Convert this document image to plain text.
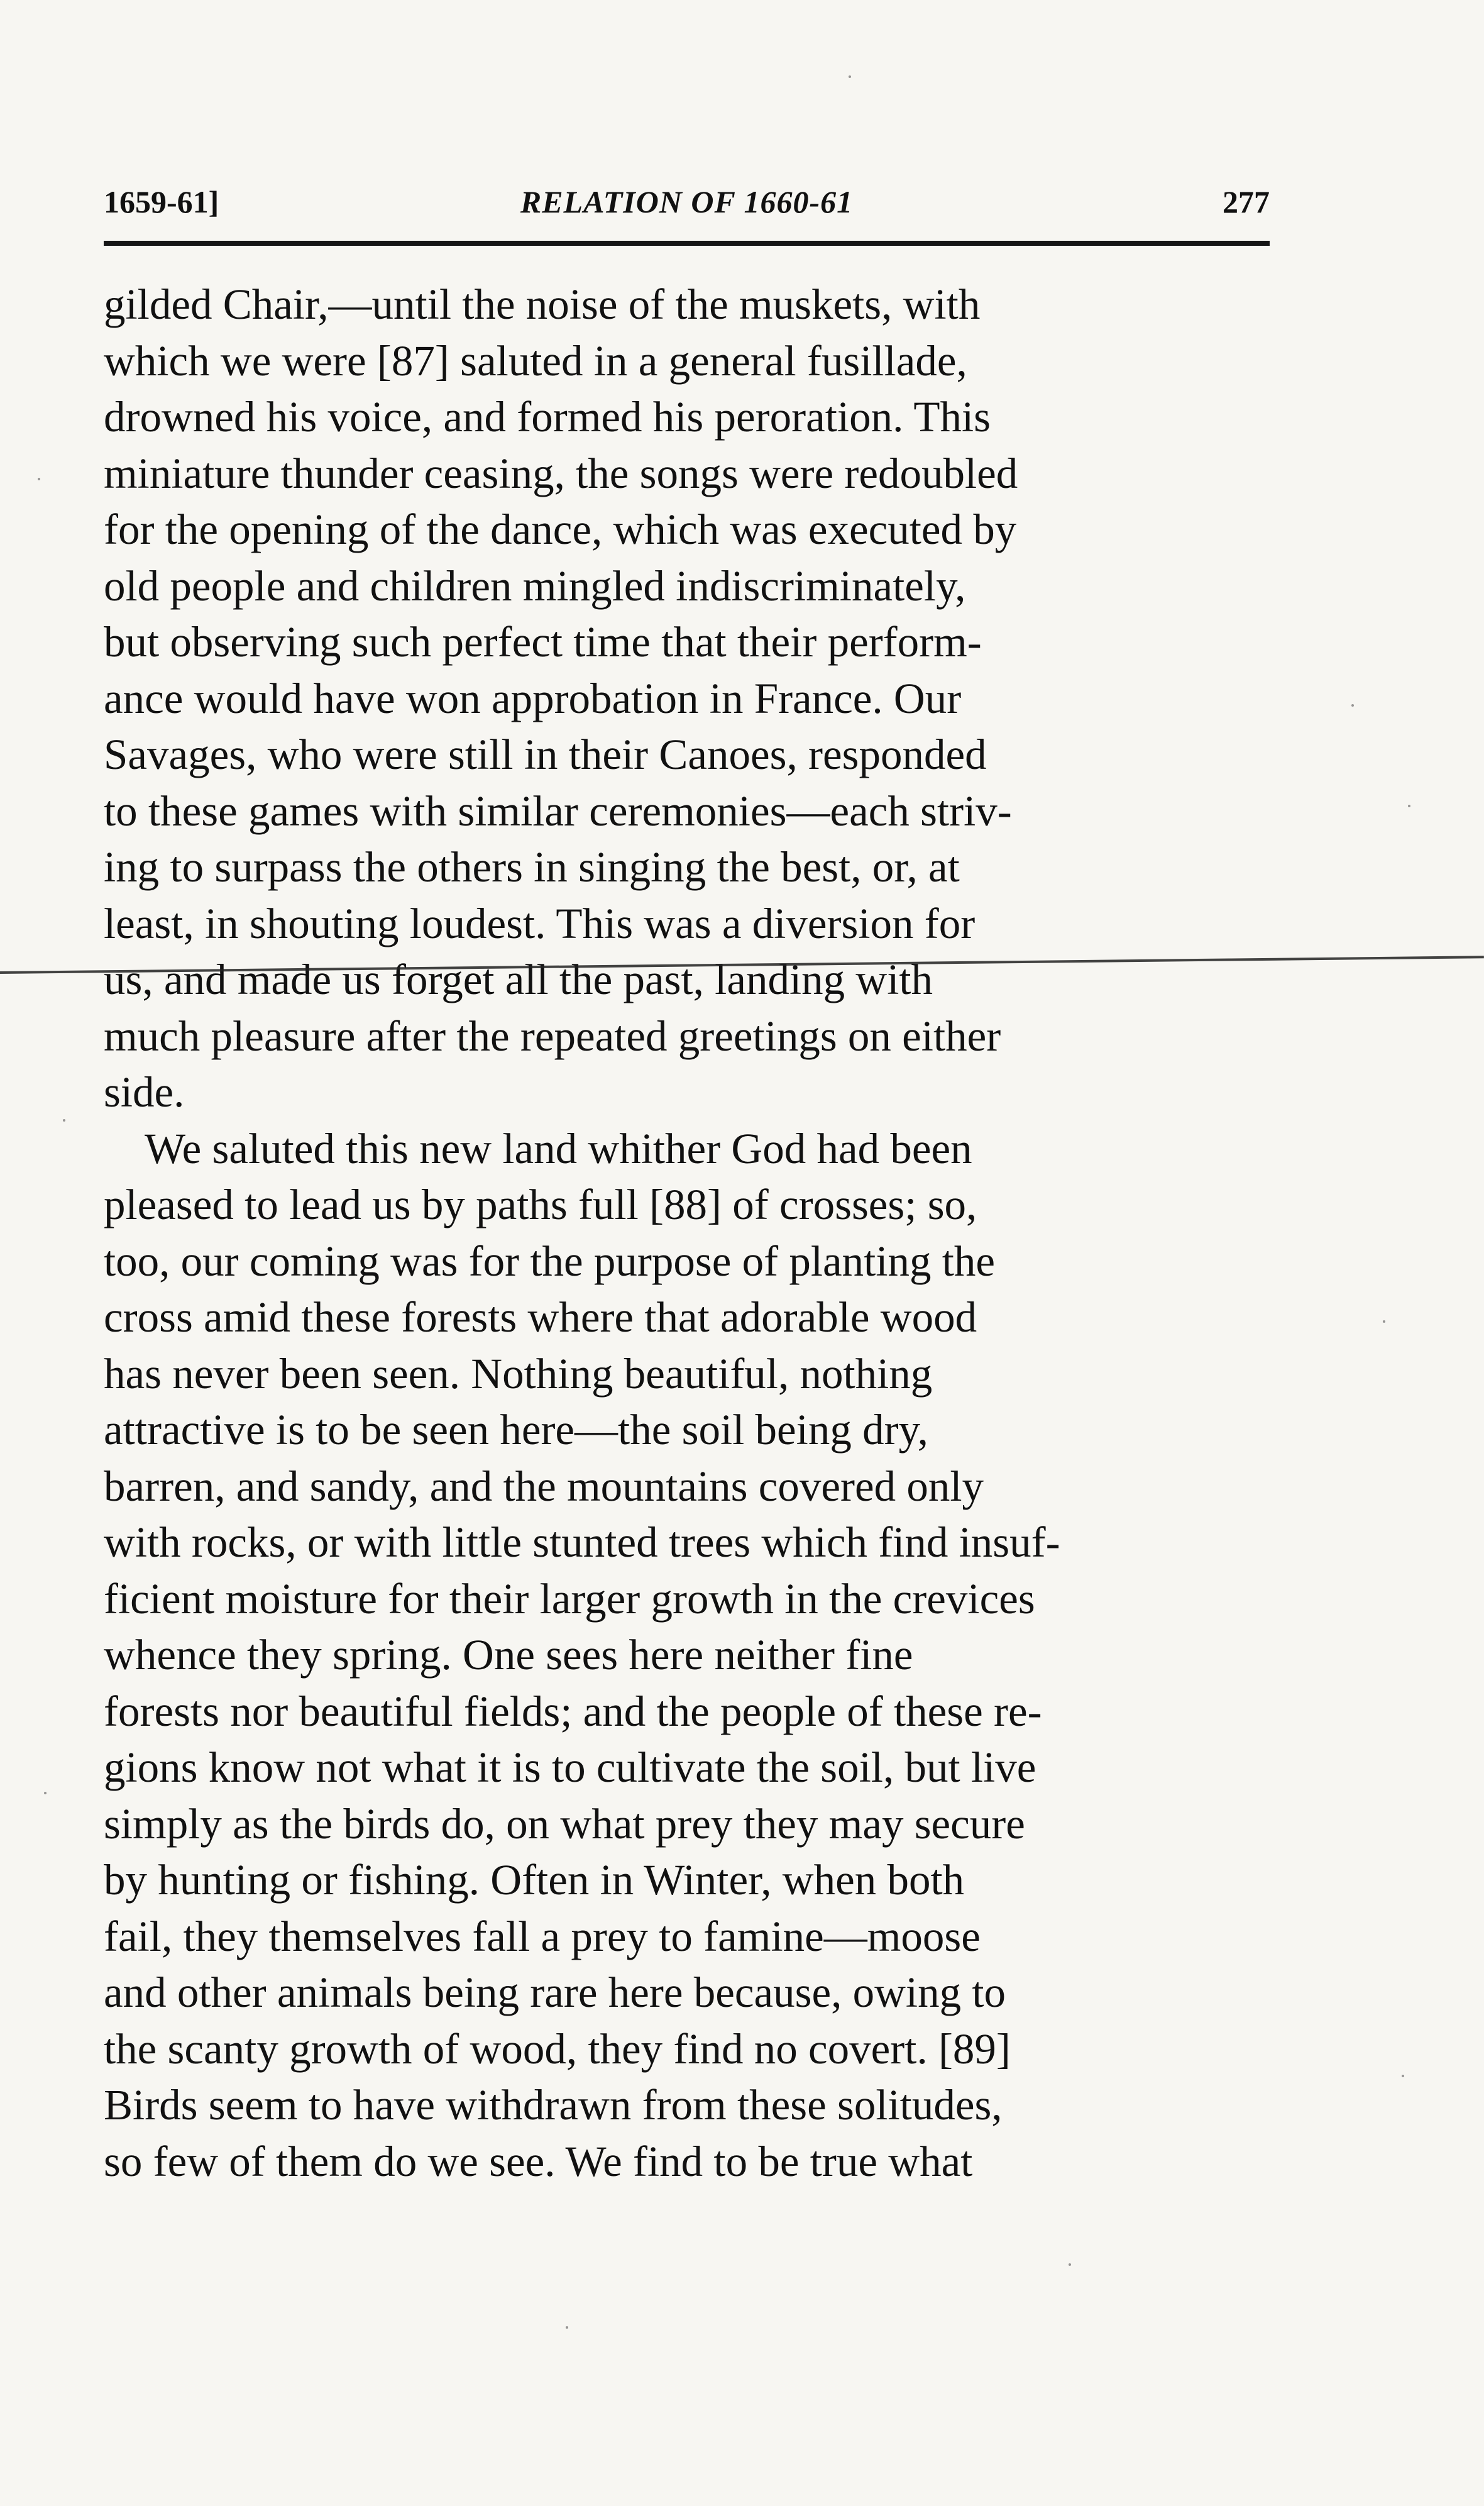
1659-61]	RELATION OF 1660-61	277
gilded Chair,—until the noise of the muskets, with
which we were [87] saluted in a general fusillade,
drowned his voice, and formed his peroration. This
miniature thunder ceasing, the songs were redoubled
for the opening of the dance, which was executed by
old people and children mingled indiscriminately,
but observing such perfect time that their perform-
ance would have won approbation in France. Our
Savages, who were still in their Canoes, responded
to these games with similar ceremonies—each striv-
ing to surpass the others in singing the best, or, at
least, in shouting loudest. This was a diversion for
us, and made us forget all the past, landing with
much pleasure after the repeated greetings on either
side.
We saluted this new land whither God had been
pleased to lead us by paths full [88] of crosses; so,
too, our coming was for the purpose of planting the
cross amid these forests where that adorable wood
has never been seen. Nothing beautiful, nothing
attractive is to be seen here—the soil being dry,
barren, and sandy, and the mountains covered only
with rocks, or with little stunted trees which find insuf-
ficient moisture for their larger growth in the crevices
whence they spring. One sees here neither fine
forests nor beautiful fields; and the people of these re-
gions know not what it is to cultivate the soil, but live
simply as the birds do, on what prey they may secure
by hunting or fishing. Often in Winter, when both
fail, they themselves fall a prey to famine—moose
and other animals being rare here because, owing to
the scanty growth of wood, they find no covert. [89]
Birds seem to have withdrawn from these solitudes,
so few of them do we see. We find to be true what
